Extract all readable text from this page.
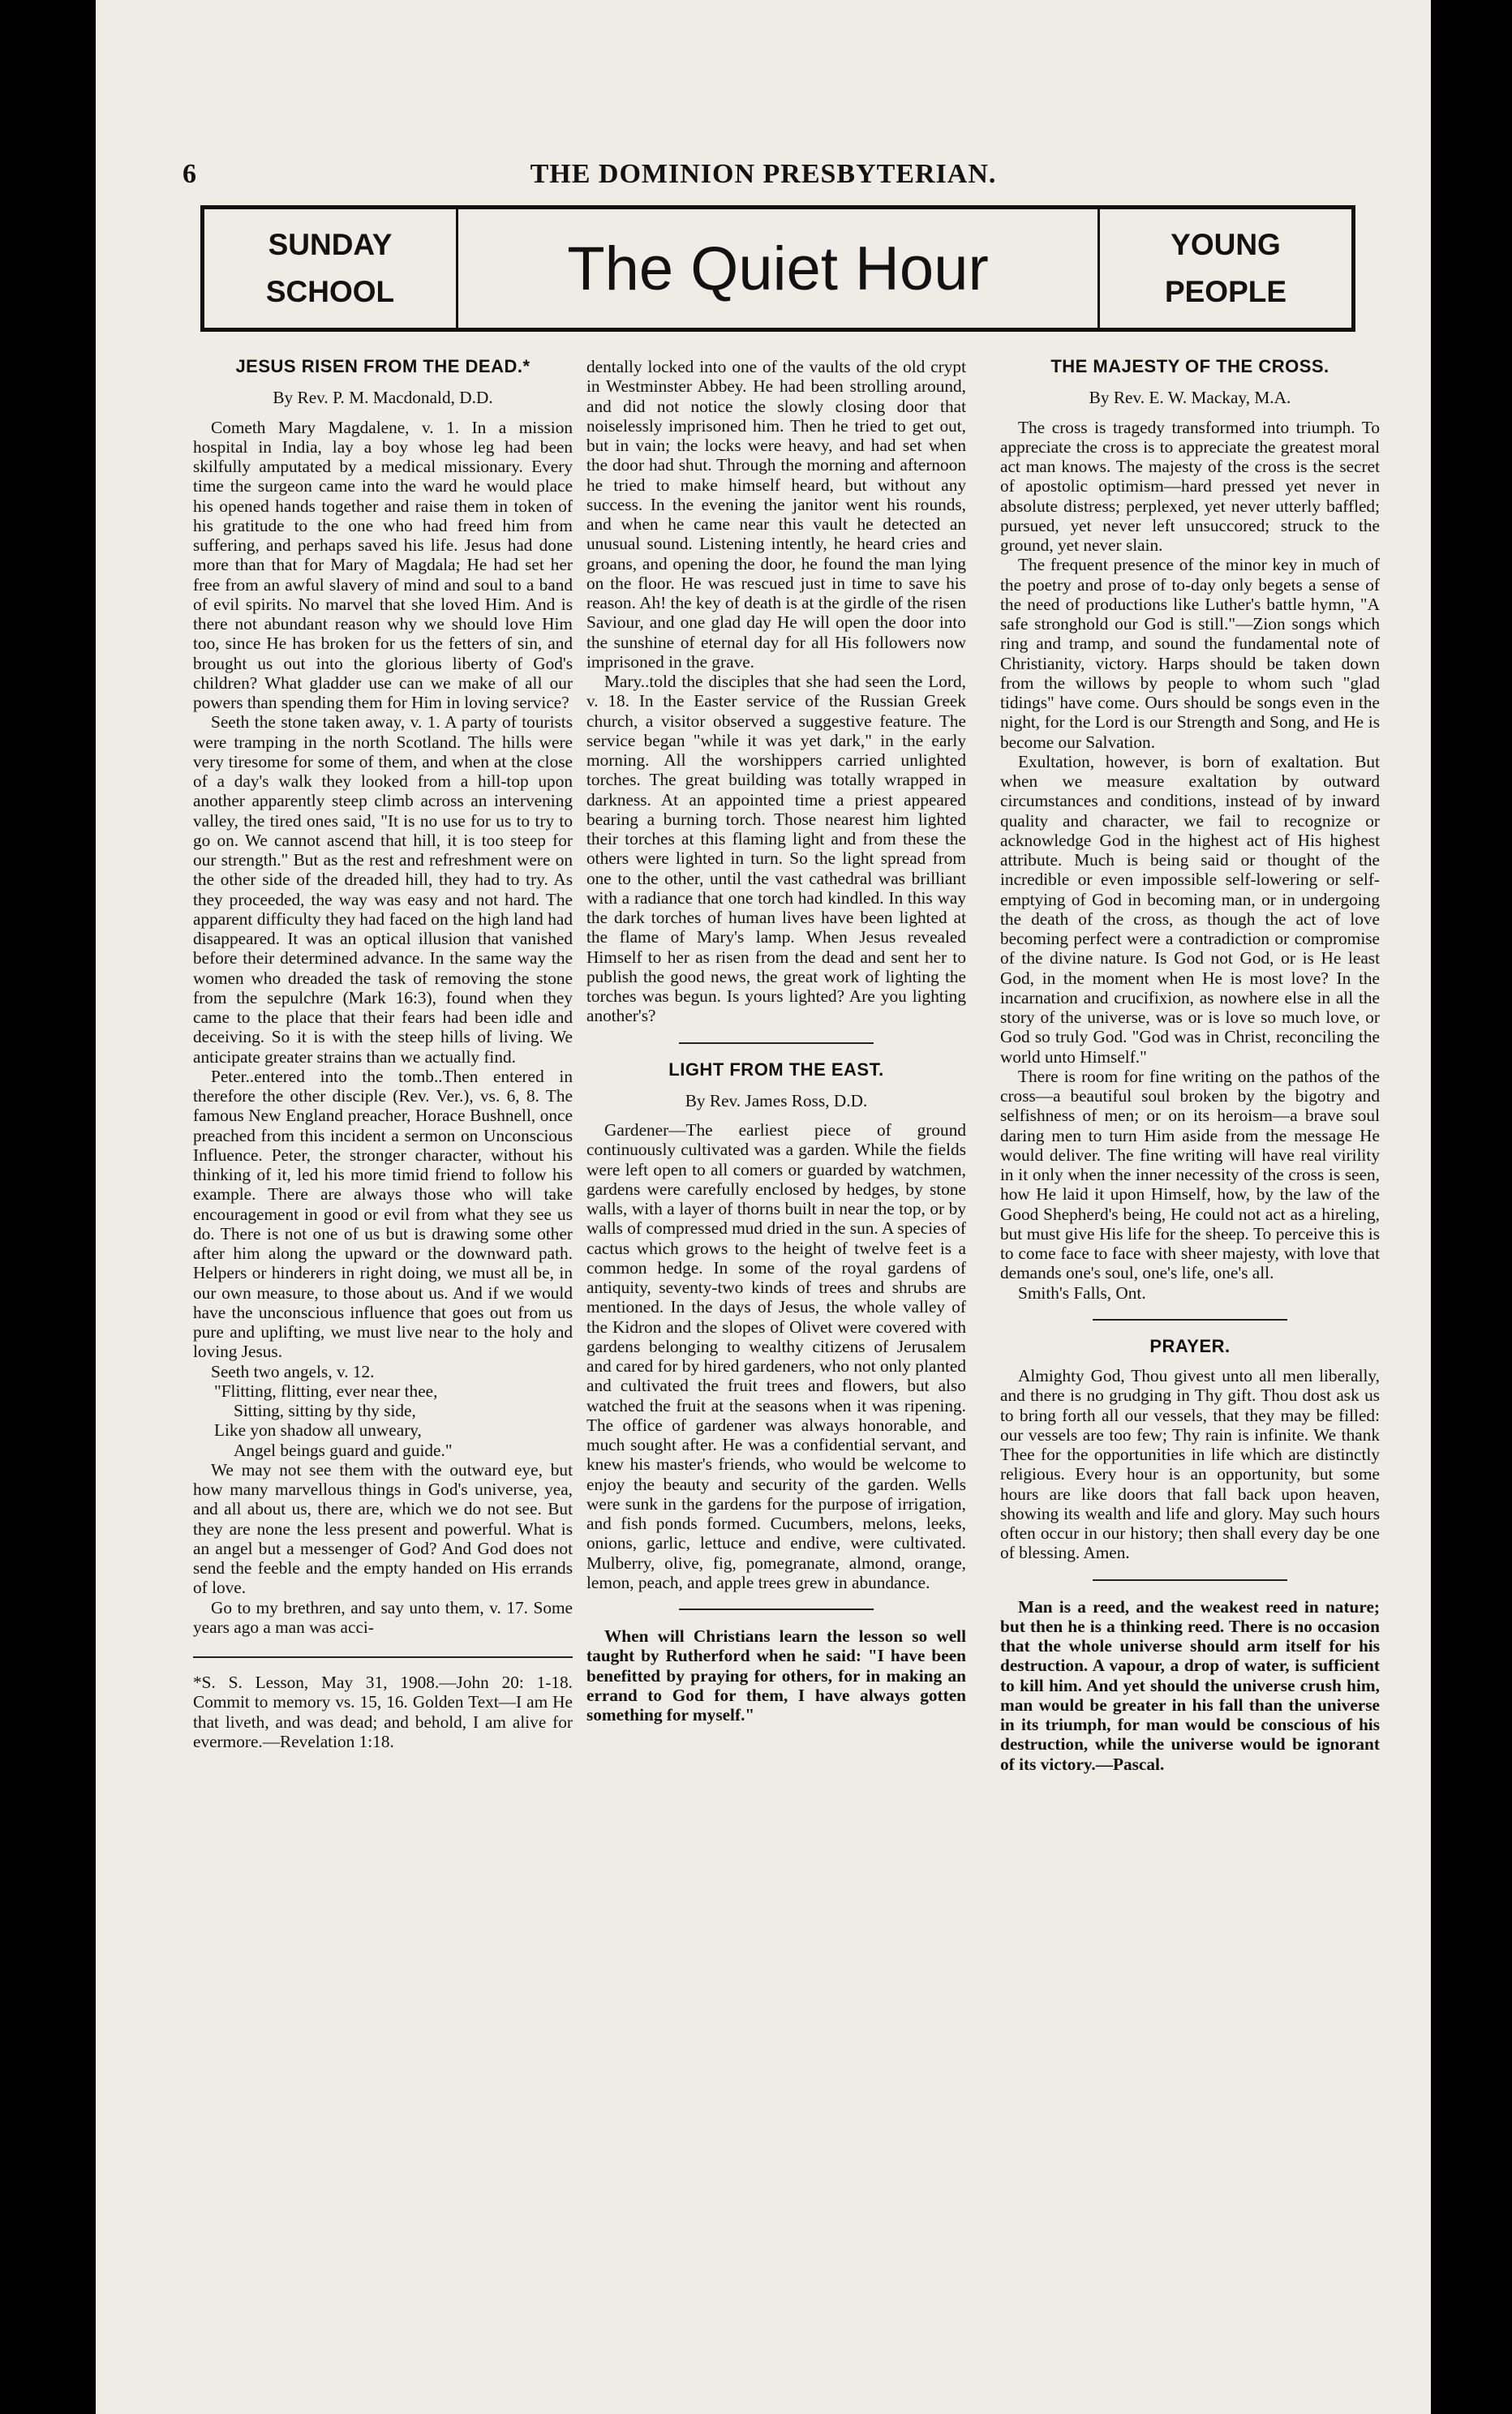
6	THE DOMINION PRESBYTERIAN.
SUNDAY
SCHOOL	The Quiet Hour	YOUNG
PEOPLE
JESUS RISEN FROM THE DEAD.*
By Rev. P. M. Macdonald, D.D.

Cometh Mary Magdalene, v. 1. In a mission hospital in India, lay a boy whose leg had been skilfully amputated by a medical missionary. Every time the surgeon came into the ward he would place his opened hands together and raise them in token of his gratitude to the one who had freed him from suffering, and perhaps saved his life. Jesus had done more than that for Mary of Magdala; He had set her free from an awful slavery of mind and soul to a band of evil spirits. No marvel that she loved Him. And is there not abundant reason why we should love Him too, since He has broken for us the fetters of sin, and brought us out into the glorious liberty of God's children? What gladder use can we make of all our powers than spending them for Him in loving service?

Seeth the stone taken away, v. 1. A party of tourists were tramping in the north Scotland. The hills were very tiresome for some of them, and when at the close of a day's walk they looked from a hill-top upon another apparently steep climb across an intervening valley, the tired ones said, "It is no use for us to try to go on. We cannot ascend that hill, it is too steep for our strength." But as the rest and refreshment were on the other side of the dreaded hill, they had to try. As they proceeded, the way was easy and not hard. The apparent difficulty they had faced on the high land had disappeared. It was an optical illusion that vanished before their determined advance. In the same way the women who dreaded the task of removing the stone from the sepulchre (Mark 16:3), found when they came to the place that their fears had been idle and deceiving. So it is with the steep hills of living. We anticipate greater strains than we actually find.

Peter..entered into the tomb..Then entered in therefore the other disciple (Rev. Ver.), vs. 6, 8. The famous New England preacher, Horace Bushnell, once preached from this incident a sermon on Unconscious Influence. Peter, the stronger character, without his thinking of it, led his more timid friend to follow his example. There are always those who will take encouragement in good or evil from what they see us do. There is not one of us but is drawing some other after him along the upward or the downward path. Helpers or hinderers in right doing, we must all be, in our own measure, to those about us. And if we would have the unconscious influence that goes out from us pure and uplifting, we must live near to the holy and loving Jesus.

Seeth two angels, v. 12.

"Flitting, flitting, ever near thee,

Sitting, sitting by thy side,

Like yon shadow all unweary,

Angel beings guard and guide."

We may not see them with the outward eye, but how many marvellous things in God's universe, yea, and all about us, there are, which we do not see. But they are none the less present and powerful. What is an angel but a messenger of God? And God does not send the feeble and the empty handed on His errands of love.

Go to my brethren, and say unto them, v. 17. Some years ago a man was acci-

*S. S. Lesson, May 31, 1908.—John 20: 1-18. Commit to memory vs. 15, 16. Golden Text—I am He that liveth, and was dead; and behold, I am alive for evermore.—Revelation 1:18.

dentally locked into one of the vaults of the old crypt in Westminster Abbey. He had been strolling around, and did not notice the slowly closing door that noiselessly imprisoned him. Then he tried to get out, but in vain; the locks were heavy, and had set when the door had shut. Through the morning and afternoon he tried to make himself heard, but without any success. In the evening the janitor went his rounds, and when he came near this vault he detected an unusual sound. Listening intently, he heard cries and groans, and opening the door, he found the man lying on the floor. He was rescued just in time to save his reason. Ah! the key of death is at the girdle of the risen Saviour, and one glad day He will open the door into the sunshine of eternal day for all His followers now imprisoned in the grave.

Mary..told the disciples that she had seen the Lord, v. 18. In the Easter service of the Russian Greek church, a visitor observed a suggestive feature. The service began "while it was yet dark," in the early morning. All the worshippers carried unlighted torches. The great building was totally wrapped in darkness. At an appointed time a priest appeared bearing a burning torch. Those nearest him lighted their torches at this flaming light and from these the others were lighted in turn. So the light spread from one to the other, until the vast cathedral was brilliant with a radiance that one torch had kindled. In this way the dark torches of human lives have been lighted at the flame of Mary's lamp. When Jesus revealed Himself to her as risen from the dead and sent her to publish the good news, the great work of lighting the torches was begun. Is yours lighted? Are you lighting another's?

LIGHT FROM THE EAST.
By Rev. James Ross, D.D.

Gardener—The earliest piece of ground continuously cultivated was a garden. While the fields were left open to all comers or guarded by watchmen, gardens were carefully enclosed by hedges, by stone walls, with a layer of thorns built in near the top, or by walls of compressed mud dried in the sun. A species of cactus which grows to the height of twelve feet is a common hedge. In some of the royal gardens of antiquity, seventy-two kinds of trees and shrubs are mentioned. In the days of Jesus, the whole valley of the Kidron and the slopes of Olivet were covered with gardens belonging to wealthy citizens of Jerusalem and cared for by hired gardeners, who not only planted and cultivated the fruit trees and flowers, but also watched the fruit at the seasons when it was ripening. The office of gardener was always honorable, and much sought after. He was a confidential servant, and knew his master's friends, who would be welcome to enjoy the beauty and security of the garden. Wells were sunk in the gardens for the purpose of irrigation, and fish ponds formed. Cucumbers, melons, leeks, onions, garlic, lettuce and endive, were cultivated. Mulberry, olive, fig, pomegranate, almond, orange, lemon, peach, and apple trees grew in abundance.

When will Christians learn the lesson so well taught by Rutherford when he said: "I have been benefitted by praying for others, for in making an errand to God for them, I have always gotten something for myself."

THE MAJESTY OF THE CROSS.
By Rev. E. W. Mackay, M.A.

The cross is tragedy transformed into triumph. To appreciate the cross is to appreciate the greatest moral act man knows. The majesty of the cross is the secret of apostolic optimism—hard pressed yet never in absolute distress; perplexed, yet never utterly baffled; pursued, yet never left unsuccored; struck to the ground, yet never slain.

The frequent presence of the minor key in much of the poetry and prose of to-day only begets a sense of the need of productions like Luther's battle hymn, "A safe stronghold our God is still."—Zion songs which ring and tramp, and sound the fundamental note of Christianity, victory. Harps should be taken down from the willows by people to whom such "glad tidings" have come. Ours should be songs even in the night, for the Lord is our Strength and Song, and He is become our Salvation.

Exultation, however, is born of exaltation. But when we measure exaltation by outward circumstances and conditions, instead of by inward quality and character, we fail to recognize or acknowledge God in the highest act of His highest attribute. Much is being said or thought of the incredible or even impossible self-lowering or self-emptying of God in becoming man, or in undergoing the death of the cross, as though the act of love becoming perfect were a contradiction or compromise of the divine nature. Is God not God, or is He least God, in the moment when He is most love? In the incarnation and crucifixion, as nowhere else in all the story of the universe, was or is love so much love, or God so truly God. "God was in Christ, reconciling the world unto Himself."

There is room for fine writing on the pathos of the cross—a beautiful soul broken by the bigotry and selfishness of men; or on its heroism—a brave soul daring men to turn Him aside from the message He would deliver. The fine writing will have real virility in it only when the inner necessity of the cross is seen, how He laid it upon Himself, how, by the law of the Good Shepherd's being, He could not act as a hireling, but must give His life for the sheep. To perceive this is to come face to face with sheer majesty, with love that demands one's soul, one's life, one's all.

Smith's Falls, Ont.

PRAYER.

Almighty God, Thou givest unto all men liberally, and there is no grudging in Thy gift. Thou dost ask us to bring forth all our vessels, that they may be filled: our vessels are too few; Thy rain is infinite. We thank Thee for the opportunities in life which are distinctly religious. Every hour is an opportunity, but some hours are like doors that fall back upon heaven, showing its wealth and life and glory. May such hours often occur in our history; then shall every day be one of blessing. Amen.

Man is a reed, and the weakest reed in nature; but then he is a thinking reed. There is no occasion that the whole universe should arm itself for his destruction. A vapour, a drop of water, is sufficient to kill him. And yet should the universe crush him, man would be greater in his fall than the universe in its triumph, for man would be conscious of his destruction, while the universe would be ignorant of its victory.—Pascal.
